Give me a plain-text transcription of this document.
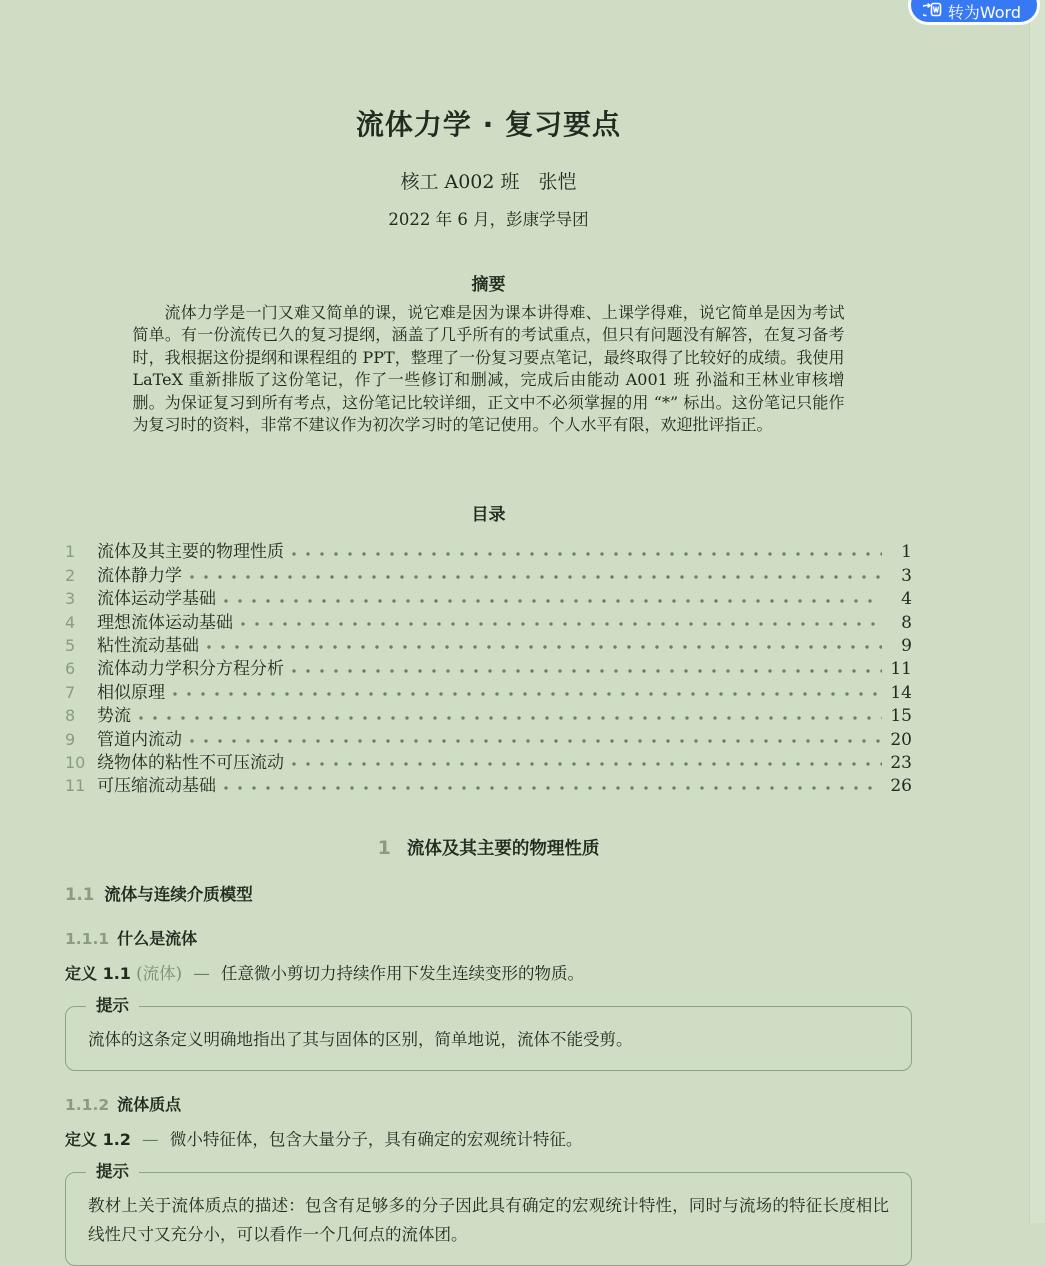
转为Word
流体力学 · 复习要点
核工 A002 班　张恺
2022 年 6 月，彭康学导团
摘要

流体力学是一门又难又简单的课，说它难是因为课本讲得难、上课学得难，说它简单是因为考试简单。有一份流传已久的复习提纲，涵盖了几乎所有的考试重点，但只有问题没有解答，在复习备考时，我根据这份提纲和课程组的 PPT，整理了一份复习要点笔记，最终取得了比较好的成绩。我使用 LaTeX 重新排版了这份笔记，作了一些修订和删减，完成后由能动 A001 班 孙溢和王林业审核增删。为保证复习到所有考点，这份笔记比较详细，正文中不必须掌握的用 “*” 标出。这份笔记只能作为复习时的资料，非常不建议作为初次学习时的笔记使用。个人水平有限，欢迎批评指正。

目录
1	流体及其主要的物理性质	1
2	流体静力学	3
3	流体运动学基础	4
4	理想流体运动基础	8
5	粘性流动基础	9
6	流体动力学积分方程分析	11
7	相似原理	14
8	势流	15
9	管道内流动	20
10 绕物体的粘性不可压流动	23
11 可压缩流动基础	26
1 流体及其主要的物理性质
1.1 流体与连续介质模型
1.1.1 什么是流体

定义 1.1 (流体) — 任意微小剪切力持续作用下发生连续变形的物质。

提示
流体的这条定义明确地指出了其与固体的区别，简单地说，流体不能受剪。
1.1.2 流体质点

定义 1.2 — 微小特征体，包含大量分子，具有确定的宏观统计特征。

提示
教材上关于流体质点的描述：包含有足够多的分子因此具有确定的宏观统计特性，同时与流场的特征长度相比线性尺寸又充分小，可以看作一个几何点的流体团。
